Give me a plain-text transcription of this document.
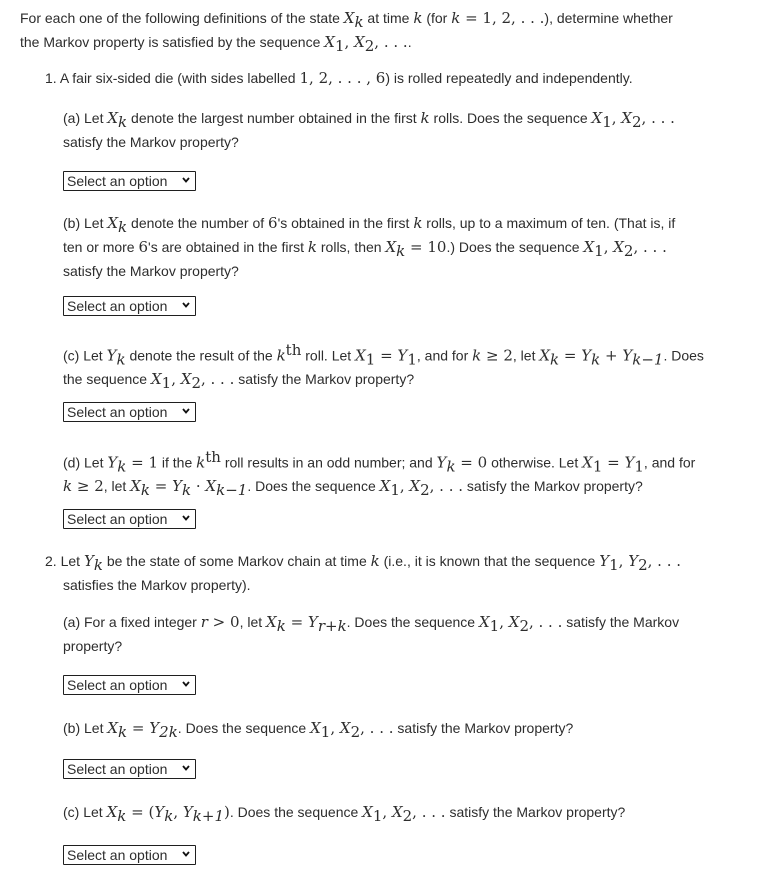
For each one of the following definitions of the state $X_k$ at time k (for k = 1, 2, . . .), determine whether
the Markov property is satisfied by the sequence $X_1$, $X_2$, . . ..
1. A fair six-sided die (with sides labelled 1, 2, . . . , 6) is rolled repeatedly and independently.
(a) Let $X_k$ denote the largest number obtained in the first k rolls. Does the sequence $X_1$, $X_2$, . . .
satisfy the Markov property?
Select an option
(b) Let $X_k$ denote the number of 6's obtained in the first k rolls, up to a maximum of ten. (That is, if
ten or more 6's are obtained in the first k rolls, then $X_k = 10$.) Does the sequence $X_1$, $X_2$, . . .
satisfy the Markov property?
Select an option
(c) Let $Y_k$ denote the result of the $k^{th}$ roll. Let $X_1 = Y_1$, and for k ≥ 2, let $X_k = Y_k + Y_{k-1}$. Does
the sequence $X_1$, $X_2$, . . . satisfy the Markov property?
Select an option
(d) Let $Y_k = 1$ if the $k^{th}$ roll results in an odd number; and $Y_k = 0$ otherwise. Let $X_1 = Y_1$, and for
k ≥ 2, let $X_k = Y_k \cdot X_{k-1}$. Does the sequence $X_1$, $X_2$, . . . satisfy the Markov property?
Select an option
2. Let $Y_k$ be the state of some Markov chain at time k (i.e., it is known that the sequence $Y_1$, $Y_2$, . . .
satisfies the Markov property).
(a) For a fixed integer r > 0, let $X_k = Y_{r+k}$. Does the sequence $X_1$, $X_2$, . . . satisfy the Markov
property?
Select an option
(b) Let $X_k = Y_{2k}$. Does the sequence $X_1$, $X_2$, . . . satisfy the Markov property?
Select an option
(c) Let $X_k = (Y_k$, $Y_{k+1}$). Does the sequence $X_1$, $X_2$, . . . satisfy the Markov property?
Select an option
